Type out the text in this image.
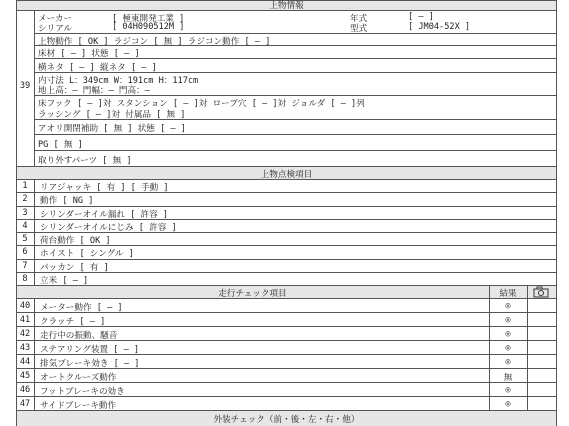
上物情報
39
メーカー	[ 極東開発工業 ]	年式	[ — ]
シリアル	[ 04H090512M ]	型式	[ JM04-52X ]
上物動作 [ OK ] ラジコン [ 無 ] ラジコン動作 [ — ]
床材 [ — ] 状態 [ — ]
横ネタ [ — ] 縦ネタ [ — ]
内寸法 L：349cm W：191cm H：117cm
地上高：— 門幅：— 門高：—
床フック [ — ]対 スタンション [ — ]対 ロープ穴 [ — ]対 ジョルダ [ — ]列
ラッシング [ — ]対 付属品 [ 無 ]
アオリ開閉補助 [ 無 ] 状態 [ — ]
PG [ 無 ]
取り外すパーツ [ 無 ]
上物点検項目
1	リアジャッキ [ 有 ] [ 手動 ]
2	動作 [ NG ]
3	シリンダーオイル漏れ [ 許容 ]
4	シリンダーオイルにじみ [ 許容 ]
5	荷台動作 [ OK ]
6	ホイスト [ シングル ]
7	パッカン [ 有 ]
8	立米 [ — ]
走行チェック項目	結果
40	メーター動作 [ — ]	◎
41	クラッチ [ — ]	◎
42	走行中の振動、騒音	◎
43	ステアリング装置 [ — ]	◎
44	排気ブレーキ効き [ — ]	◎
45	オートクルーズ動作	無
46	フットブレーキの効き	◎
47	サイドブレーキ動作	◎
外装チェック（前・後・左・右・他）
